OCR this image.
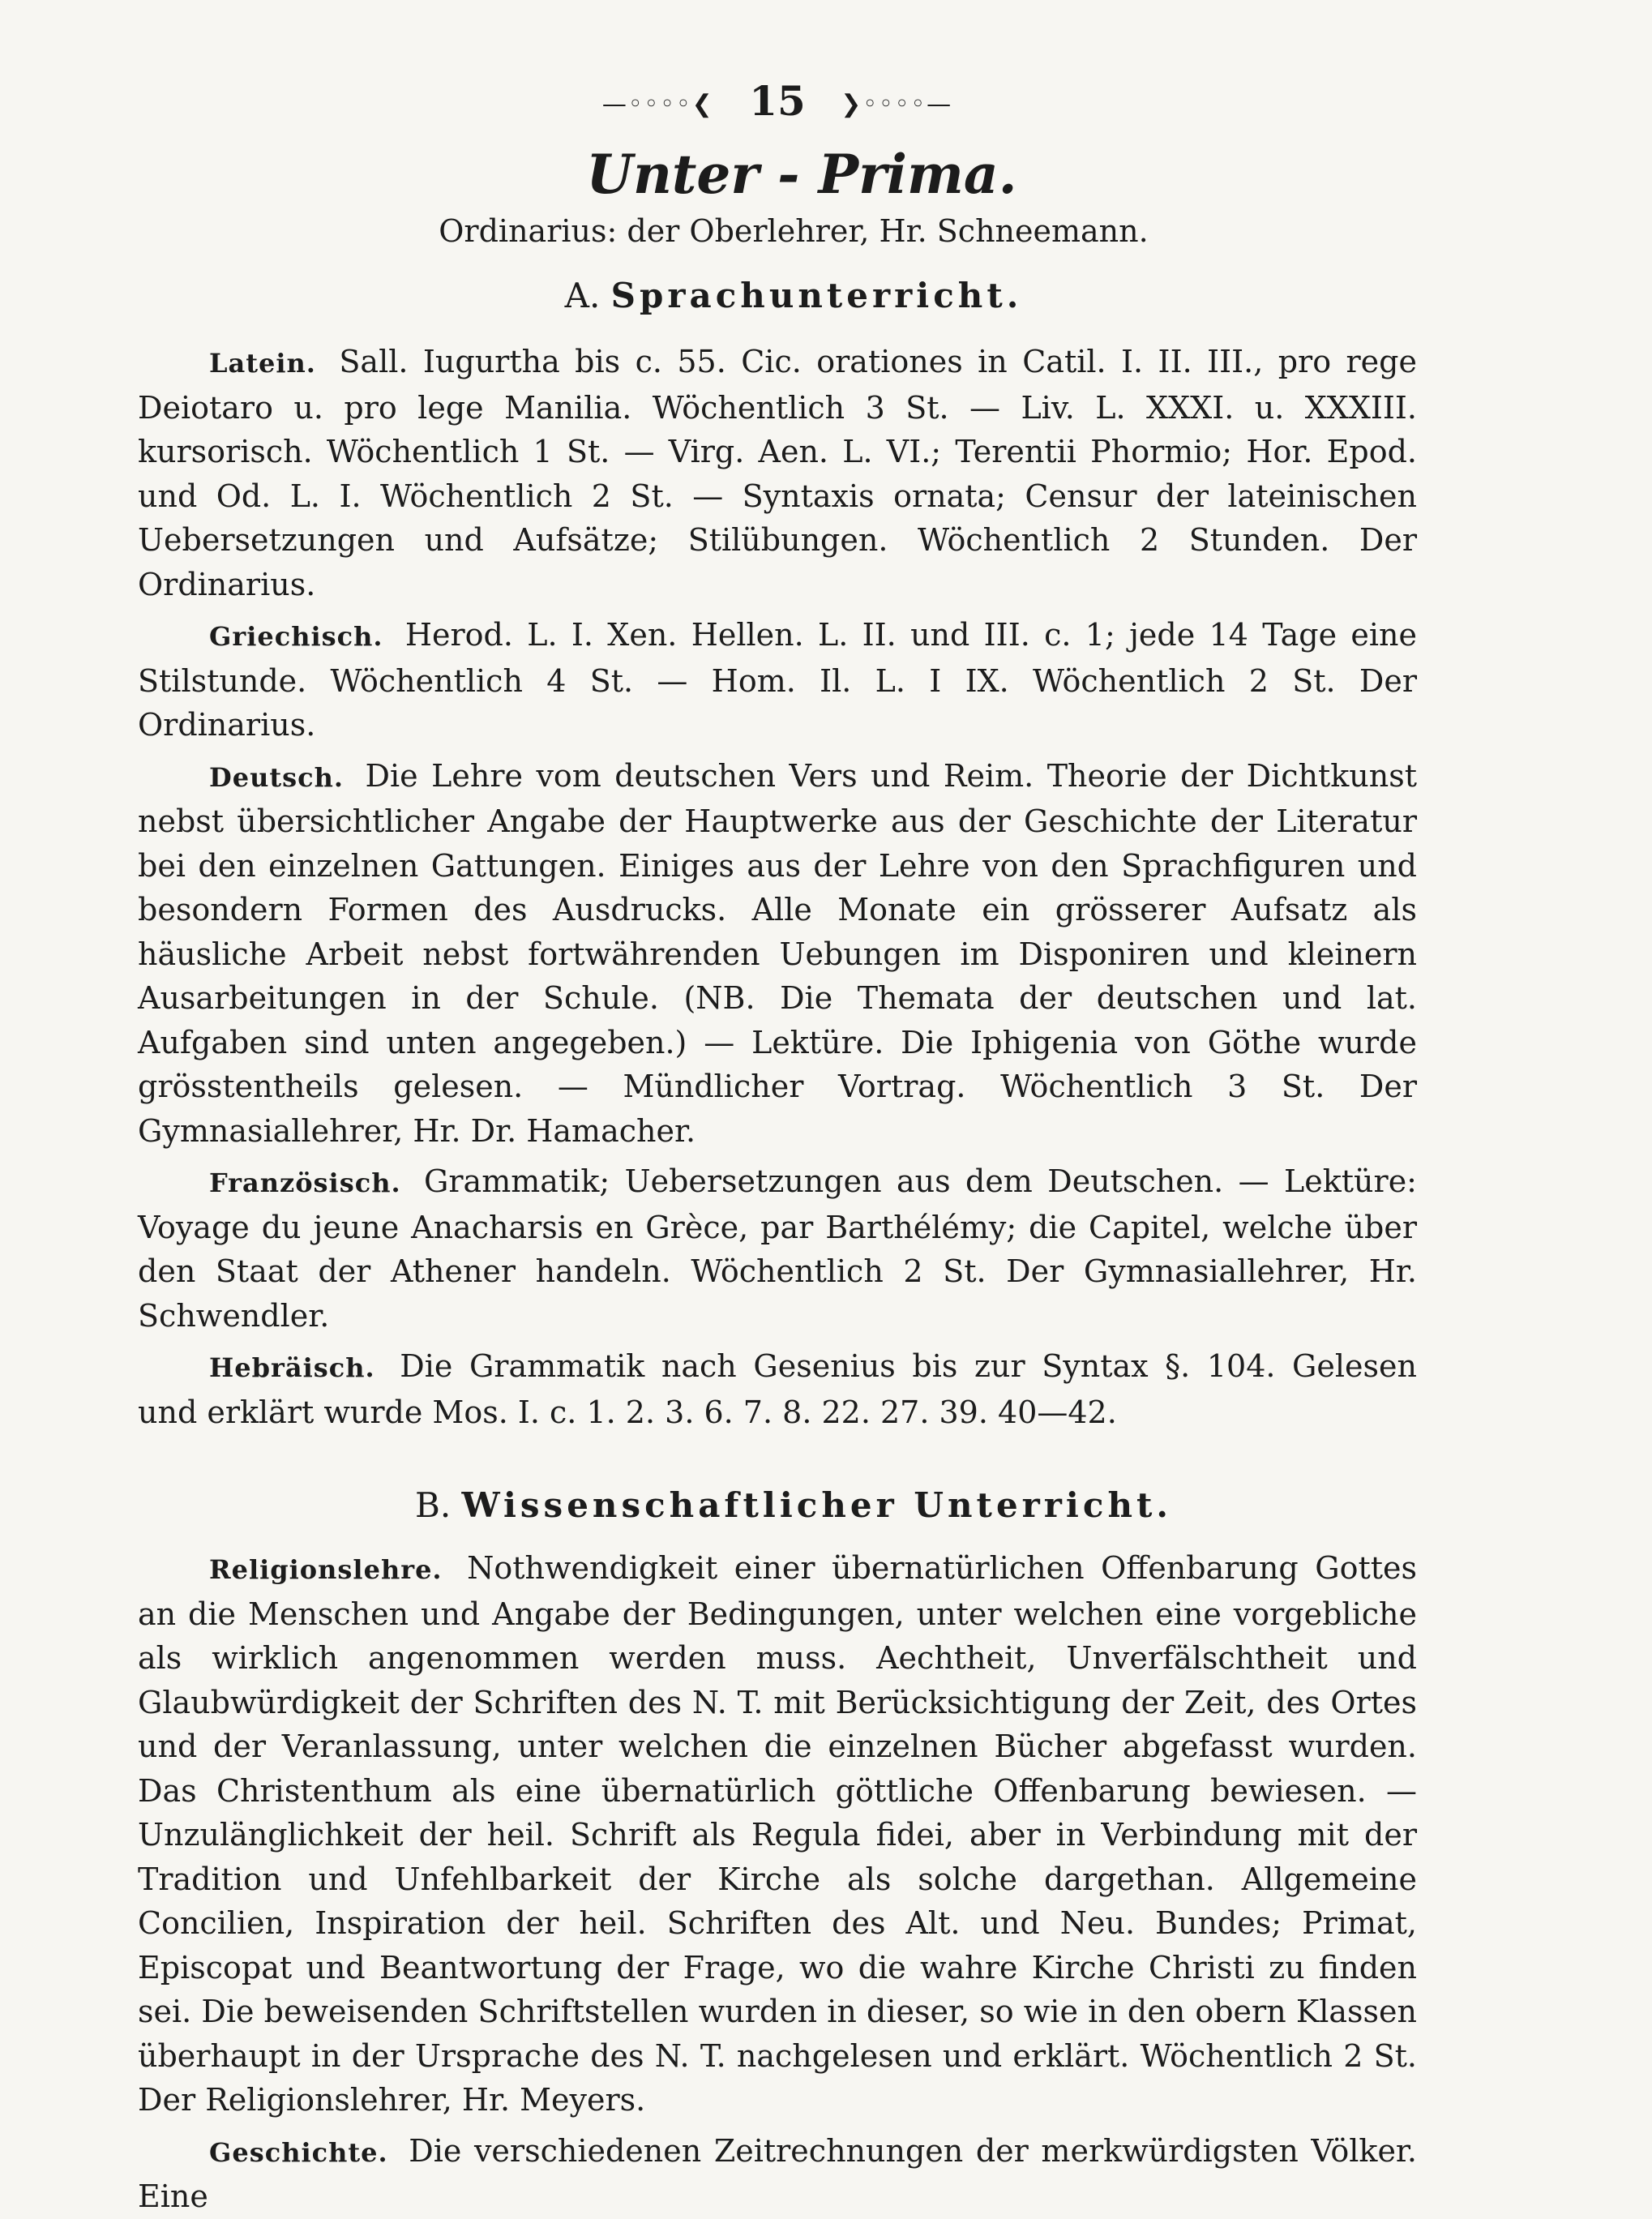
—◦◦◦◦❮ 15 ❯◦◦◦◦—
Unter - Prima.
Ordinarius: der Oberlehrer, Hr. Schneemann.
A. Sprachunterricht.

Latein. Sall. Iugurtha bis c. 55. Cic. orationes in Catil. I. II. III., pro rege Deiotaro u. pro lege Manilia. Wöchentlich 3 St. — Liv. L. XXXI. u. XXXIII. kursorisch. Wöchentlich 1 St. — Virg. Aen. L. VI.; Terentii Phormio; Hor. Epod. und Od. L. I. Wöchentlich 2 St. — Syntaxis ornata; Censur der lateinischen Uebersetzungen und Aufsätze; Stilübungen. Wöchentlich 2 Stunden. Der Ordinarius.

Griechisch. Herod. L. I. Xen. Hellen. L. II. und III. c. 1; jede 14 Tage eine Stilstunde. Wöchentlich 4 St. — Hom. Il. L. I IX. Wöchentlich 2 St. Der Ordinarius.

Deutsch. Die Lehre vom deutschen Vers und Reim. Theorie der Dichtkunst nebst übersichtlicher Angabe der Hauptwerke aus der Geschichte der Literatur bei den einzelnen Gattungen. Einiges aus der Lehre von den Sprachfiguren und besondern Formen des Ausdrucks. Alle Monate ein grösserer Aufsatz als häusliche Arbeit nebst fortwährenden Uebungen im Disponiren und kleinern Ausarbeitungen in der Schule. (NB. Die Themata der deutschen und lat. Aufgaben sind unten angegeben.) — Lektüre. Die Iphigenia von Göthe wurde grösstentheils gelesen. — Mündlicher Vortrag. Wöchentlich 3 St. Der Gymnasiallehrer, Hr. Dr. Hamacher.

Französisch. Grammatik; Uebersetzungen aus dem Deutschen. — Lektüre: Voyage du jeune Anacharsis en Grèce, par Barthélémy; die Capitel, welche über den Staat der Athener handeln. Wöchentlich 2 St. Der Gymnasiallehrer, Hr. Schwendler.

Hebräisch. Die Grammatik nach Gesenius bis zur Syntax §. 104. Gelesen und erklärt wurde Mos. I. c. 1. 2. 3. 6. 7. 8. 22. 27. 39. 40—42.

B. Wissenschaftlicher Unterricht.

Religionslehre. Nothwendigkeit einer übernatürlichen Offenbarung Gottes an die Menschen und Angabe der Bedingungen, unter welchen eine vorgebliche als wirklich angenommen werden muss. Aechtheit, Unverfälschtheit und Glaubwürdigkeit der Schriften des N. T. mit Berücksichtigung der Zeit, des Ortes und der Veranlassung, unter welchen die einzelnen Bücher abgefasst wurden. Das Christenthum als eine übernatürlich göttliche Offenbarung bewiesen. — Unzulänglichkeit der heil. Schrift als Regula fidei, aber in Verbindung mit der Tradition und Unfehlbarkeit der Kirche als solche dargethan. Allgemeine Concilien, Inspiration der heil. Schriften des Alt. und Neu. Bundes; Primat, Episcopat und Beantwortung der Frage, wo die wahre Kirche Christi zu finden sei. Die beweisenden Schriftstellen wurden in dieser, so wie in den obern Klassen überhaupt in der Ursprache des N. T. nachgelesen und erklärt. Wöchentlich 2 St. Der Religionslehrer, Hr. Meyers.

Geschichte. Die verschiedenen Zeitrechnungen der merkwürdigsten Völker. Eine
